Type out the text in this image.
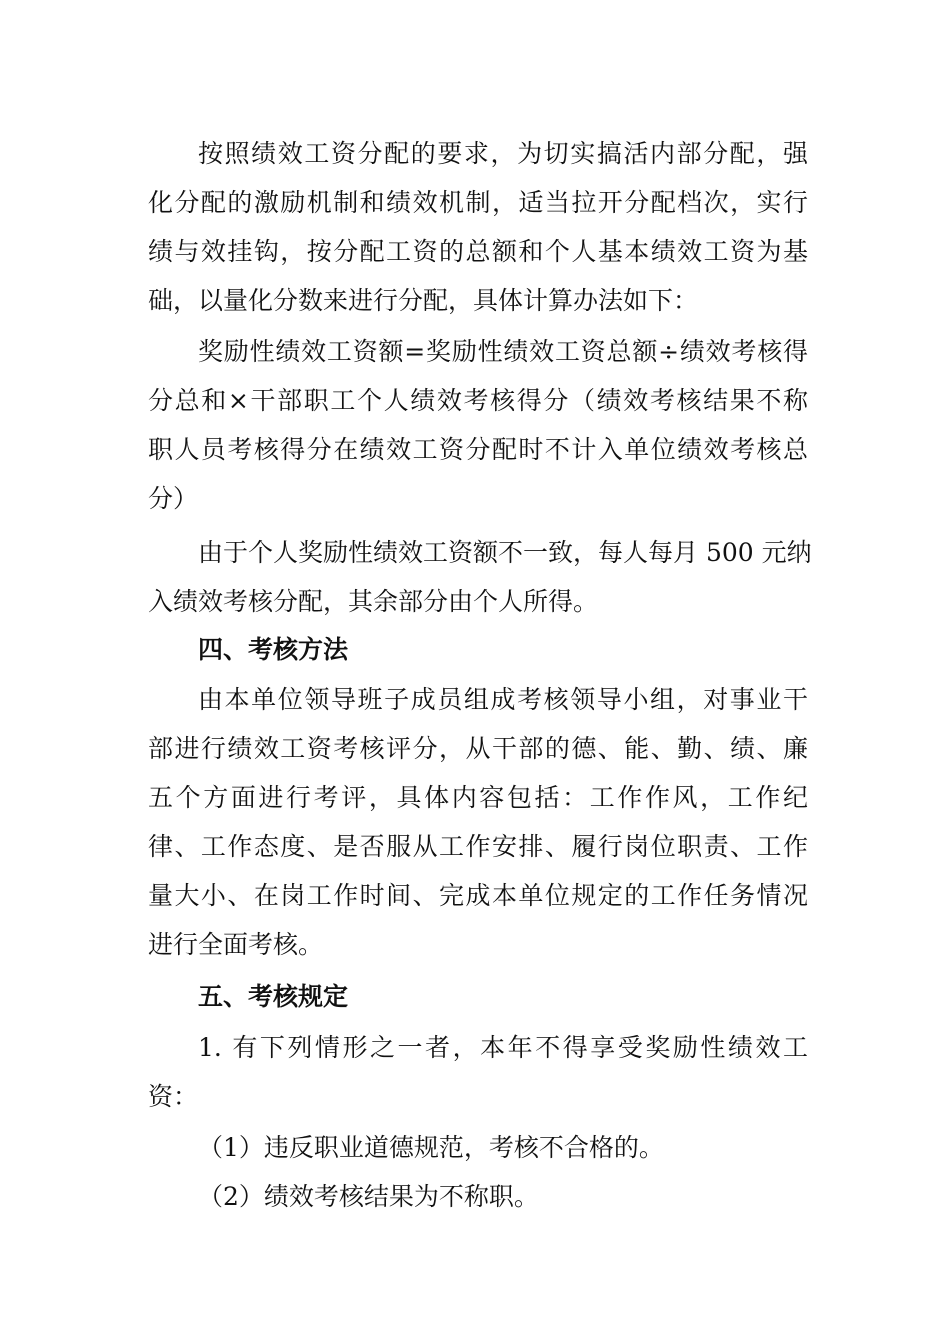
按照绩效工资分配的要求，为切实搞活内部分配，强
化分配的激励机制和绩效机制，适当拉开分配档次，实行
绩与效挂钩，按分配工资的总额和个人基本绩效工资为基
础，以量化分数来进行分配，具体计算办法如下：
奖励性绩效工资额=奖励性绩效工资总额÷绩效考核得
分总和×干部职工个人绩效考核得分（绩效考核结果不称
职人员考核得分在绩效工资分配时不计入单位绩效考核总
分）
由于个人奖励性绩效工资额不一致，每人每月 500 元纳
入绩效考核分配，其余部分由个人所得。
四、考核方法
由本单位领导班子成员组成考核领导小组，对事业干
部进行绩效工资考核评分，从干部的德、能、勤、绩、廉
五个方面进行考评，具体内容包括：工作作风，工作纪
律、工作态度、是否服从工作安排、履行岗位职责、工作
量大小、在岗工作时间、完成本单位规定的工作任务情况
进行全面考核。
五、考核规定
1. 有下列情形之一者，本年不得享受奖励性绩效工
资：
（1）违反职业道德规范，考核不合格的。
（2）绩效考核结果为不称职。
